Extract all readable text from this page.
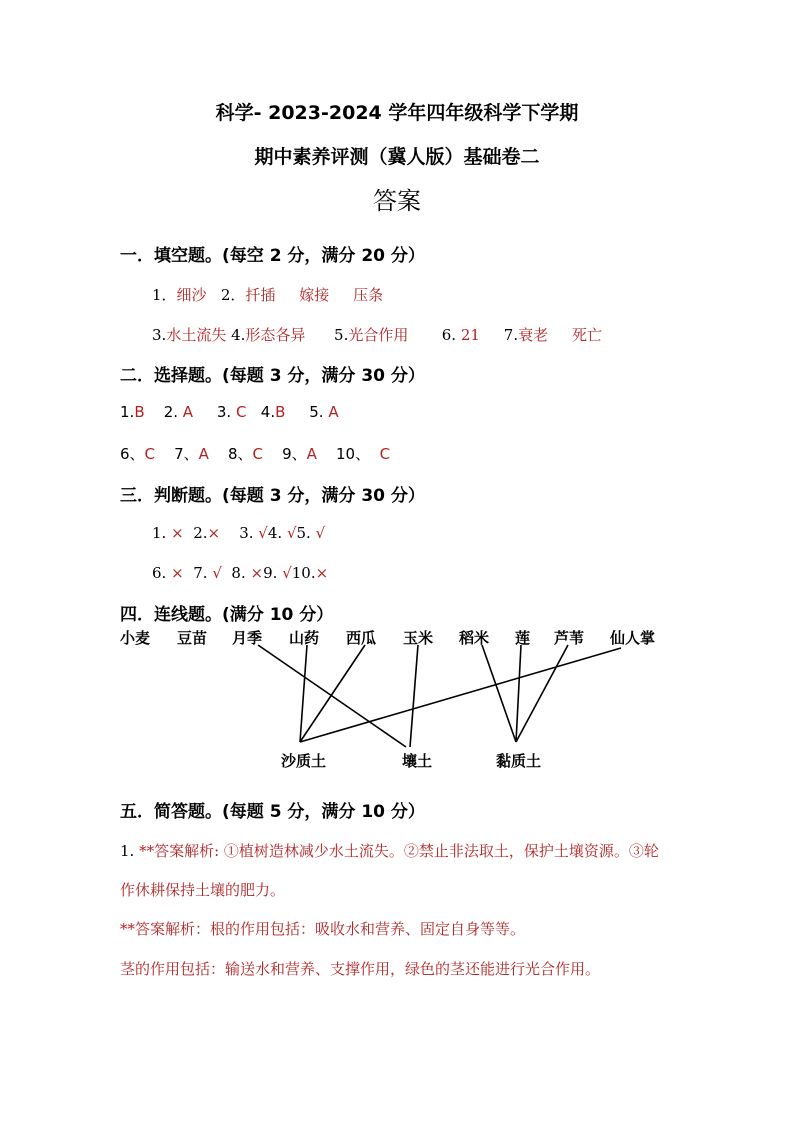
科学- 2023-2024 学年四年级科学下学期
期中素养评测（冀人版）基础卷二
答案
一．填空题。(每空 2 分，满分 20 分）
1．细沙 2．扦插 嫁接 压条
3.水土流失 4.形态各异 5.光合作用 6. 21 7.衰老 死亡
二．选择题。(每题 3 分，满分 30 分）
1.B 2. A 3. C 4.B 5. A
6、C 7、A 8、C 9、A 10、 C
三．判断题。(每题 3 分，满分 30 分）
1. × 2.× 3. √4. √5. √
6. × 7. √ 8. ×9. √10.×
四．连线题。(满分 10 分）
小麦 豆苗 月季 山药 西瓜 玉米 稻米 莲 芦苇 仙人掌
沙质土	壤土	黏质土
五．简答题。(每题 5 分，满分 10 分）
1. **答案解析: ①植树造林减少水土流失。②禁止非法取土，保护土壤资源。③轮
作休耕保持土壤的肥力。
**答案解析：根的作用包括：吸收水和营养、固定自身等等。
茎的作用包括：输送水和营养、支撑作用，绿色的茎还能进行光合作用。
